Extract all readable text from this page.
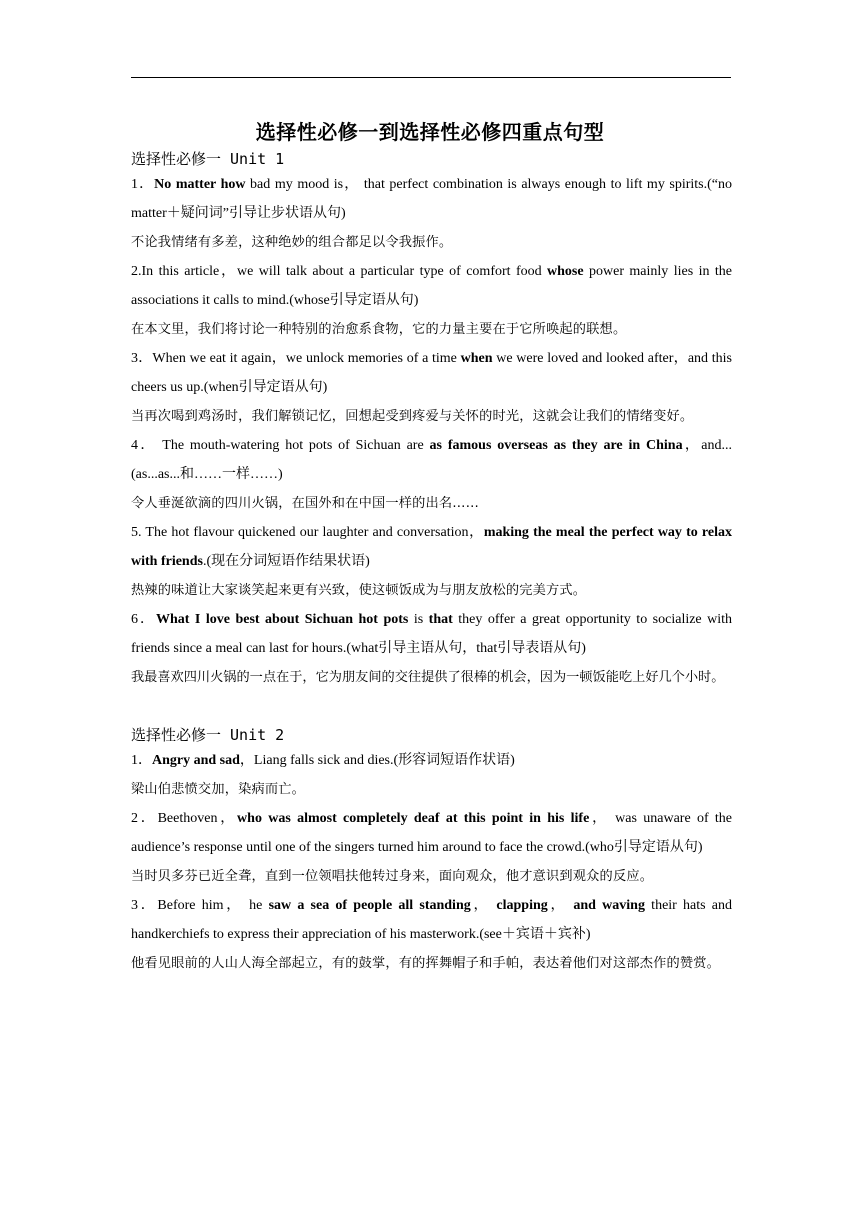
选择性必修一到选择性必修四重点句型
选择性必修一 Unit 1
1．No matter how bad my mood is， that perfect combination is always enough to lift my spirits.(“no matter＋疑问词”引导让步状语从句)
不论我情绪有多差，这种绝妙的组合都足以令我振作。
2.In this article，we will talk about a particular type of comfort food whose power mainly lies in the associations it calls to mind.(whose引导定语从句)
在本文里，我们将讨论一种特别的治愈系食物，它的力量主要在于它所唤起的联想。
3．When we eat it again，we unlock memories of a time when we were loved and looked after，and this cheers us up.(when引导定语从句)
当再次喝到鸡汤时，我们解锁记忆，回想起受到疼爱与关怀的时光，这就会让我们的情绪变好。
4． The mouth-watering hot pots of Sichuan are as famous overseas as they are in China，and...(as...as...和……一样……)
令人垂涎欲滴的四川火锅，在国外和在中国一样的出名……
5. The hot flavour quickened our laughter and conversation，making the meal the perfect way to relax with friends.(现在分词短语作结果状语)
热辣的味道让大家谈笑起来更有兴致，使这顿饭成为与朋友放松的完美方式。
6．What I love best about Sichuan hot pots is that they offer a great opportunity to socialize with friends since a meal can last for hours.(what引导主语从句，that引导表语从句)
我最喜欢四川火锅的一点在于，它为朋友间的交往提供了很棒的机会，因为一顿饭能吃上好几个小时。
选择性必修一 Unit 2
1．Angry and sad，Liang falls sick and dies.(形容词短语作状语)
梁山伯悲愤交加，染病而亡。
2．Beethoven，who was almost completely deaf at this point in his life， was unaware of the audience’s response until one of the singers turned him around to face the crowd.(who引导定语从句)
当时贝多芬已近全聋，直到一位领唱扶他转过身来，面向观众，他才意识到观众的反应。
3．Before him， he saw a sea of people all standing， clapping， and waving their hats and handkerchiefs to express their appreciation of his masterwork.(see＋宾语＋宾补)
他看见眼前的人山人海全部起立，有的鼓掌，有的挥舞帽子和手帕，表达着他们对这部杰作的赞赏。
